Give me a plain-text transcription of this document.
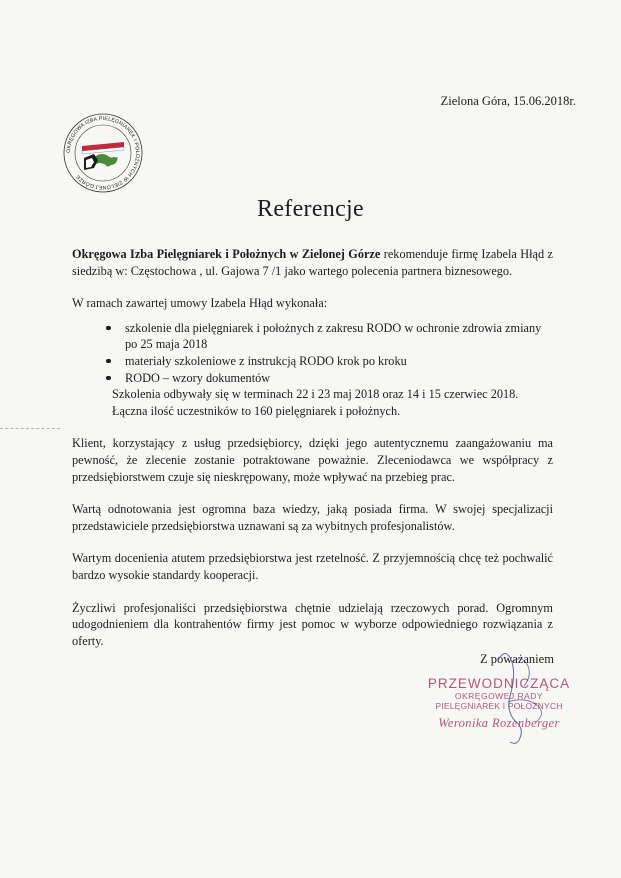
Zielona Góra, 15.06.2018r.
OKRĘGOWA IZBA PIELĘGNIAREK I POŁOŻNYCH W ZIELONEJ GÓRZE
Referencje

Okręgowa Izba Pielęgniarek i Położnych w Zielonej Górze rekomenduje firmę Izabela Hłąd z siedzibą w: Częstochowa , ul. Gajowa 7 /1 jako wartego polecenia partnera biznesowego.

W ramach zawartej umowy Izabela Hłąd wykonała:

szkolenie dla pielęgniarek i położnych z zakresu RODO w ochronie zdrowia zmiany po 25 maja 2018
materiały szkoleniowe z instrukcją RODO krok po kroku
RODO – wzory dokumentów
Szkolenia odbywały się w terminach 22 i 23 maj 2018 oraz 14 i 15 czerwiec 2018.
Łączna ilość uczestników to 160 pielęgniarek i położnych.

Klient, korzystający z usług przedsiębiorcy, dzięki jego autentycznemu zaangażowaniu ma pewność, że zlecenie zostanie potraktowane poważnie. Zleceniodawca we współpracy z przedsiębiorstwem czuje się nieskrępowany, może wpływać na przebieg prac.

Wartą odnotowania jest ogromna baza wiedzy, jaką posiada firma. W swojej specjalizacji przedstawiciele przedsiębiorstwa uznawani są za wybitnych profesjonalistów.

Wartym docenienia atutem przedsiębiorstwa jest rzetelność. Z przyjemnością chcę też pochwalić bardzo wysokie standardy kooperacji.

Życzliwi profesjonaliści przedsiębiorstwa chętnie udzielają rzeczowych porad. Ogromnym udogodnieniem dla kontrahentów firmy jest pomoc w wyborze odpowiedniego rozwiązania z oferty.

Z poważaniem
PRZEWODNICZĄCA
OKRĘGOWEJ RADY
PIELĘGNIAREK I POŁOŻNYCH
Weronika Rozenberger
